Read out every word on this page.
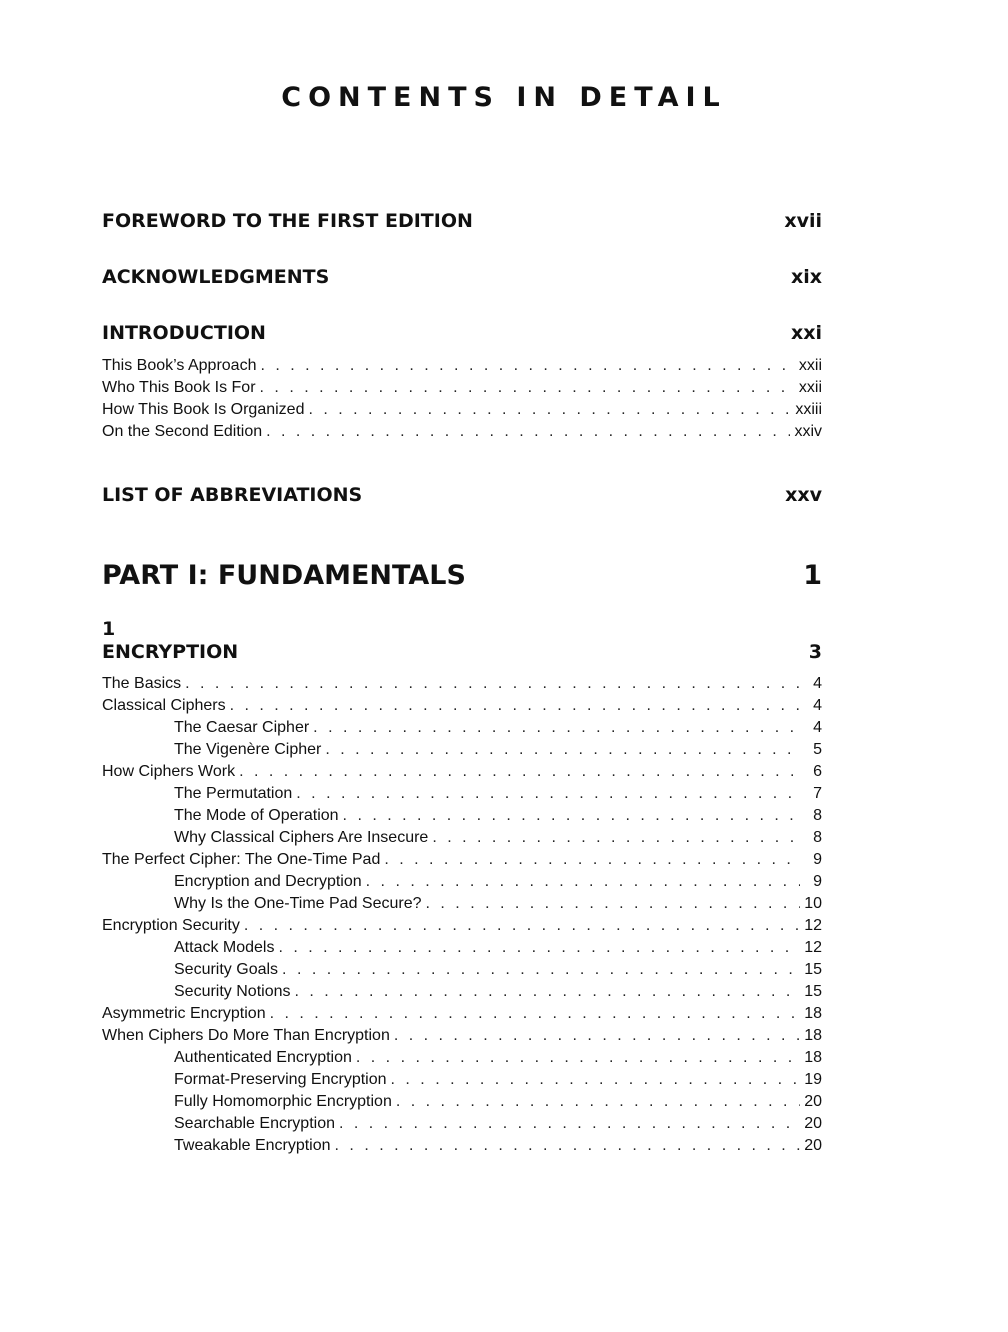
CONTENTS IN DETAIL
FOREWORD TO THE FIRST EDITION	xvii
ACKNOWLEDGMENTS	xix
INTRODUCTION	xxi
This Book’s Approach . . .	xxii
Who This Book Is For . . .	xxii
How This Book Is Organized . . .	xxiii
On the Second Edition . . .	xxiv
LIST OF ABBREVIATIONS	xxv
PART I: FUNDAMENTALS	1
1
ENCRYPTION	3
The Basics . . .	4
Classical Ciphers . . .	4
The Caesar Cipher . . .	4
The Vigenère Cipher . . .	5
How Ciphers Work . . .	6
The Permutation . . .	7
The Mode of Operation . . .	8
Why Classical Ciphers Are Insecure . . .	8
The Perfect Cipher: The One-Time Pad . . .	9
Encryption and Decryption . . .	9
Why Is the One-Time Pad Secure? . . .	10
Encryption Security . . .	12
Attack Models . . .	12
Security Goals . . .	15
Security Notions . . .	15
Asymmetric Encryption . . .	18
When Ciphers Do More Than Encryption . . .	18
Authenticated Encryption . . .	18
Format-Preserving Encryption . . .	19
Fully Homomorphic Encryption . . .	20
Searchable Encryption . . .	20
Tweakable Encryption . . .	20
